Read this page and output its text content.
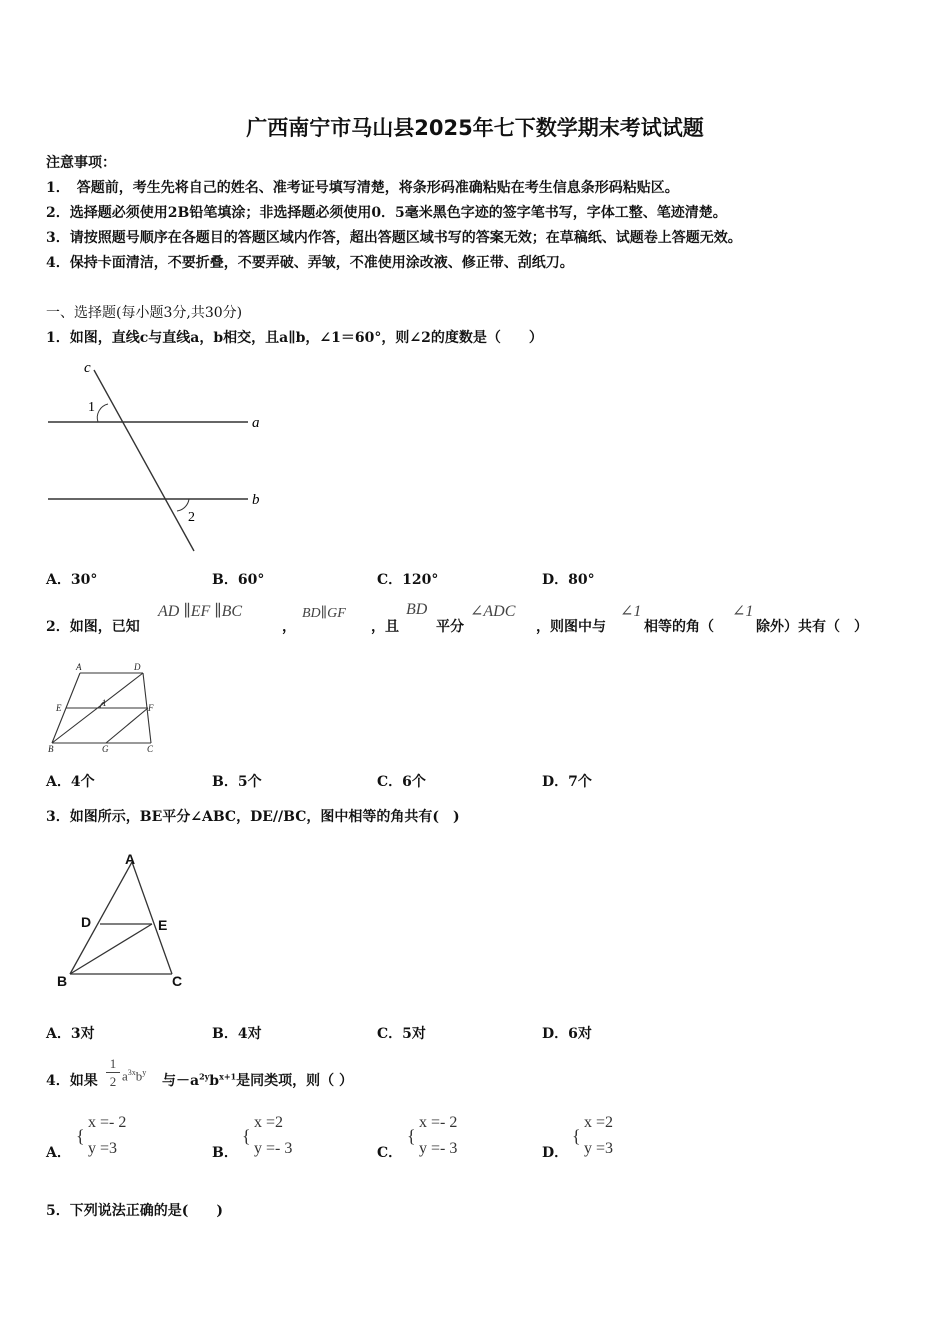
广西南宁市马山县2025年七下数学期末考试试题
注意事项：
1．　答题前，考生先将自己的姓名、准考证号填写清楚，将条形码准确粘贴在考生信息条形码粘贴区。
2．选择题必须使用2B铅笔填涂；非选择题必须使用0．5毫米黑色字迹的签字笔书写，字体工整、笔迹清楚。
3．请按照题号顺序在各题目的答题区域内作答，超出答题区域书写的答案无效；在草稿纸、试题卷上答题无效。
4．保持卡面清洁，不要折叠，不要弄破、弄皱，不准使用涂改液、修正带、刮纸刀。
一、选择题(每小题3分,共30分)
1．如图，直线c与直线a，b相交，且a∥b，∠1＝60°，则∠2的度数是（　　）
c
a
b
1
2
A．30°	B．60°	C．120°	D．80°
2．如图，已知
AD ∥EF ∥BC
，
BD∥GF
，且
BD
平分
∠ADC
，则图中与
∠1
相等的角（
∠1
除外）共有（　）
A	D
E	F
1
B	G	C
A．4个	B．5个	C．6个	D．7个
3．如图所示，BE平分∠ABC，DE//BC，图中相等的角共有(　)
A
D	E
B	C
A．3对	B．4对	C．5对	D．6对
4．如果 $\frac{1}{2} a^{3x}b^y$
与$-a^{2y}b^{x+1}$是同类项，则（ ）
A．
{
x =- 2
y =3	B．
{
x =2
y =- 3	C．
{
x =- 2
y =- 3	D．
{
x =2
y =3
5．下列说法正确的是(　　)
